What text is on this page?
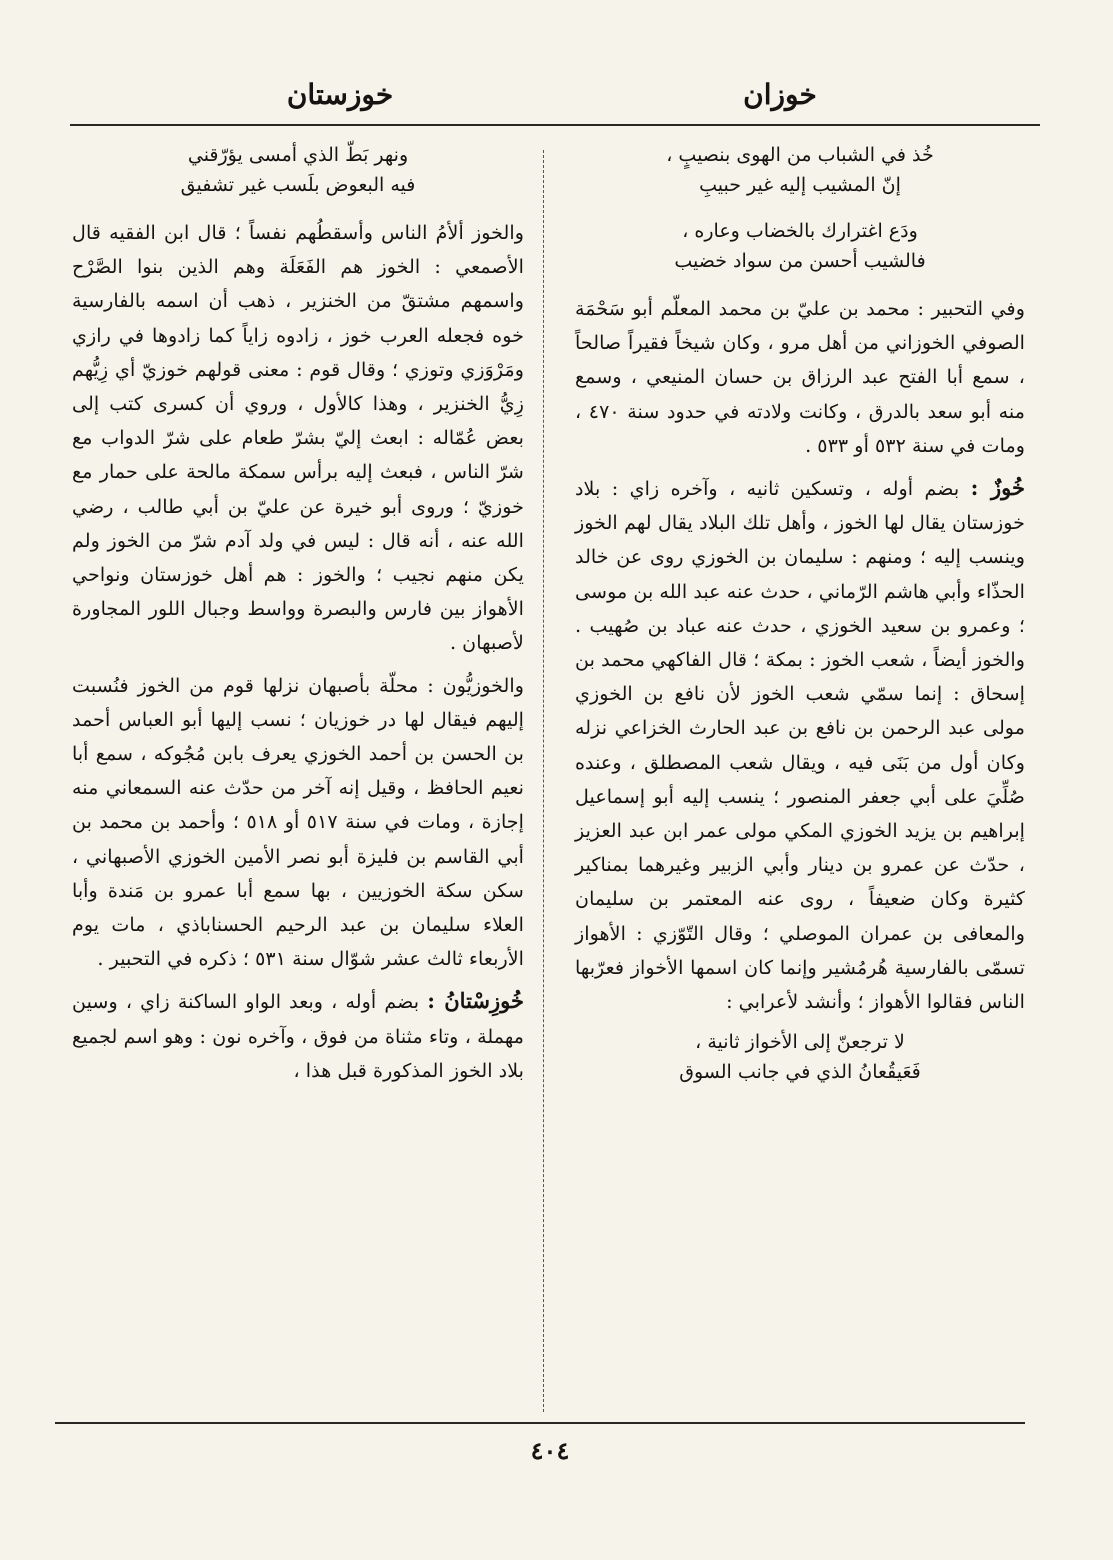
خوزان
خوزستان
خُذ في الشباب من الهوى بنصيبٍ ،
إنّ المشيب إليه غير حبيبِ
ودَع اغترارك بالخضاب وعاره ،
فالشيب أحسن من سواد خضيب

وفي التحبير : محمد بن عليّ بن محمد المعلّم أبو سَحْمَة الصوفي الخوزاني من أهل مرو ، وكان شيخاً فقيراً صالحاً ، سمع أبا الفتح عبد الرزاق بن حسان المنيعي ، وسمع منه أبو سعد بالدرق ، وكانت ولادته في حدود سنة ٤٧٠ ، ومات في سنة ٥٣٢ أو ٥٣٣ .

خُوزٌ : بضم أوله ، وتسكين ثانيه ، وآخره زاي : بلاد خوزستان يقال لها الخوز ، وأهل تلك البلاد يقال لهم الخوز وينسب إليه ؛ ومنهم : سليمان بن الخوزي روى عن خالد الحذّاء وأبي هاشم الرّماني ، حدث عنه عبد الله بن موسى ؛ وعمرو بن سعيد الخوزي ، حدث عنه عباد بن صُهيب . والخوز أيضاً ، شعب الخوز : بمكة ؛ قال الفاكهي محمد بن إسحاق : إنما سمّي شعب الخوز لأن نافع بن الخوزي مولى عبد الرحمن بن نافع بن عبد الحارث الخزاعي نزله وكان أول من بَنَى فيه ، ويقال شعب المصطلق ، وعنده صُلِّيَ على أبي جعفر المنصور ؛ ينسب إليه أبو إسماعيل إبراهيم بن يزيد الخوزي المكي مولى عمر ابن عبد العزيز ، حدّث عن عمرو بن دينار وأبي الزبير وغيرهما بمناكير كثيرة وكان ضعيفاً ، روى عنه المعتمر بن سليمان والمعافى بن عمران الموصلي ؛ وقال التّوّزي : الأهواز تسمّى بالفارسية هُرمُشير وإنما كان اسمها الأخواز فعرّبها الناس فقالوا الأهواز ؛ وأنشد لأعرابي :

لا ترجعنّ إلى الأخواز ثانية ،
فَعَيقُعانُ الذي في جانب السوق
ونهر بَطّ الذي أمسى يؤرّقني
فيه البعوض بلَسب غير تشفيق

والخوز ألأمُ الناس وأسقطُهم نفساً ؛ قال ابن الفقيه قال الأصمعي : الخوز هم الفَعَلَة وهم الذين بنوا الصَّرْح واسمهم مشتقّ من الخنزير ، ذهب أن اسمه بالفارسية خوه فجعله العرب خوز ، زادوه زاياً كما زادوها في رازي ومَرْوَزي وتوزي ؛ وقال قوم : معنى قولهم خوزيّ أي زِيُّهم زِيُّ الخنزير ، وهذا كالأول ، وروي أن كسرى كتب إلى بعض عُمّاله : ابعث إليّ بشرّ طعام على شرّ الدواب مع شرّ الناس ، فبعث إليه برأس سمكة مالحة على حمار مع خوزيّ ؛ وروى أبو خيرة عن عليّ بن أبي طالب ، رضي الله عنه ، أنه قال : ليس في ولد آدم شرّ من الخوز ولم يكن منهم نجيب ؛ والخوز : هم أهل خوزستان ونواحي الأهواز بين فارس والبصرة وواسط وجبال اللور المجاورة لأصبهان .

والخوزيُّون : محلّة بأصبهان نزلها قوم من الخوز فنُسبت إليهم فيقال لها در خوزيان ؛ نسب إليها أبو العباس أحمد بن الحسن بن أحمد الخوزي يعرف بابن مُجُوكه ، سمع أبا نعيم الحافظ ، وقيل إنه آخر من حدّث عنه السمعاني منه إجازة ، ومات في سنة ٥١٧ أو ٥١٨ ؛ وأحمد بن محمد بن أبي القاسم بن فليزة أبو نصر الأمين الخوزي الأصبهاني ، سكن سكة الخوزيين ، بها سمع أبا عمرو بن مَندة وأبا العلاء سليمان بن عبد الرحيم الحسناباذي ، مات يوم الأربعاء ثالث عشر شوّال سنة ٥٣١ ؛ ذكره في التحبير .

خُوزِسْتانُ : بضم أوله ، وبعد الواو الساكنة زاي ، وسين مهملة ، وتاء مثناة من فوق ، وآخره نون : وهو اسم لجميع بلاد الخوز المذكورة قبل هذا ،

٤٠٤
